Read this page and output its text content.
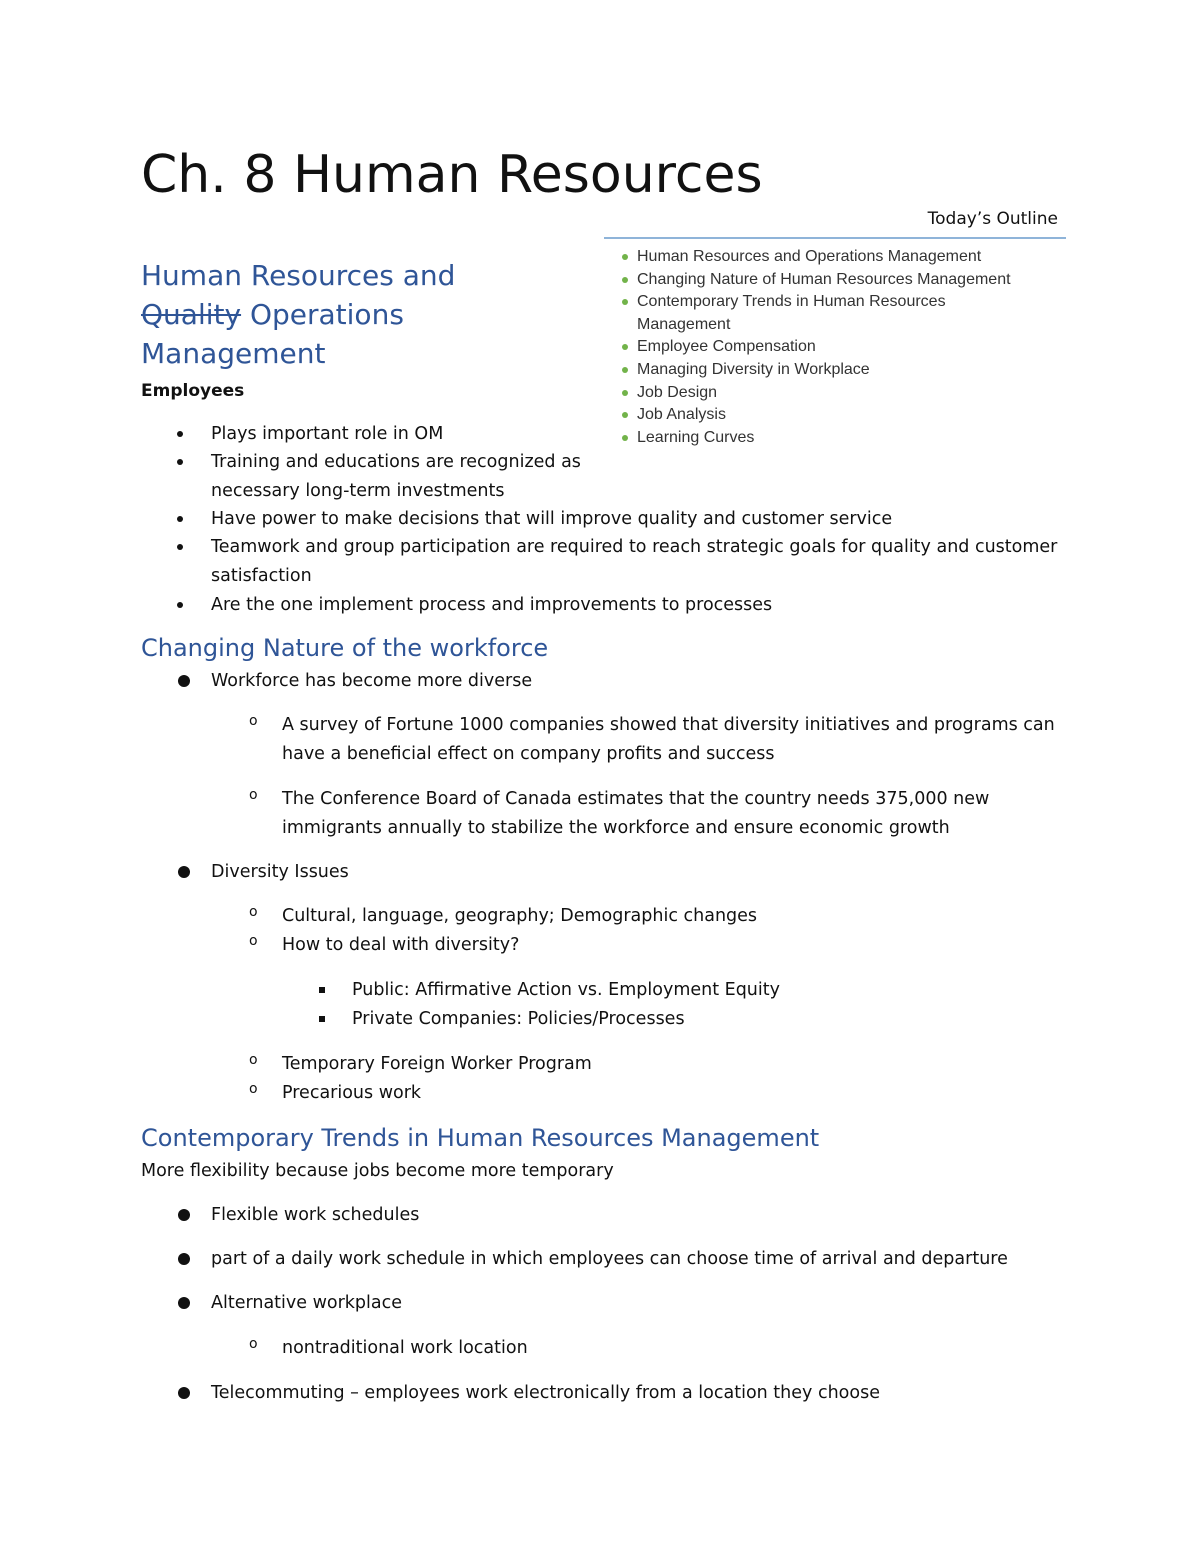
Ch. 8 Human Resources
Today’s Outline
Human Resources and Operations Management
Changing Nature of Human Resources Management
Contemporary Trends in Human Resources Management
Employee Compensation
Managing Diversity in Workplace
Job Design
Job Analysis
Learning Curves
Human Resources and
Quality Operations
Management
Employees
Plays important role in OM
Training and educations are recognized as
necessary long-term investments
Have power to make decisions that will improve quality and customer service
Teamwork and group participation are required to reach strategic goals for quality and customer
satisfaction
Are the one implement process and improvements to processes
Changing Nature of the workforce
Workforce has become more diverse
o A survey of Fortune 1000 companies showed that diversity initiatives and programs can
have a beneficial effect on company profits and success
o The Conference Board of Canada estimates that the country needs 375,000 new
immigrants annually to stabilize the workforce and ensure economic growth
Diversity Issues
o Cultural, language, geography; Demographic changes
o How to deal with diversity?
Public: Affirmative Action vs. Employment Equity
Private Companies: Policies/Processes
o Temporary Foreign Worker Program
o Precarious work
Contemporary Trends in Human Resources Management
More flexibility because jobs become more temporary
Flexible work schedules
part of a daily work schedule in which employees can choose time of arrival and departure
Alternative workplace
o nontraditional work location
Telecommuting – employees work electronically from a location they choose
